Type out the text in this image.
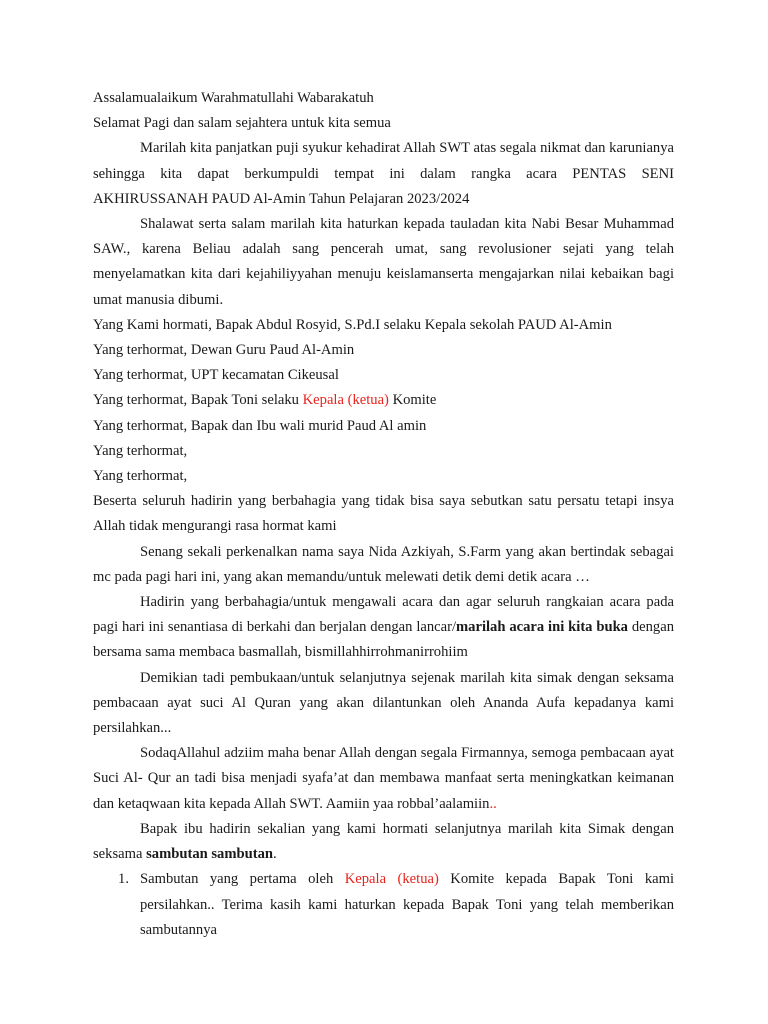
Assalamualaikum Warahmatullahi Wabarakatuh

Selamat Pagi dan salam sejahtera untuk kita semua

Marilah kita panjatkan puji syukur kehadirat Allah SWT atas segala nikmat dan karunianya sehingga kita dapat berkumpuldi tempat ini dalam rangka acara PENTAS SENI AKHIRUSSANAH PAUD Al-Amin Tahun Pelajaran 2023/2024

Shalawat serta salam marilah kita haturkan kepada tauladan kita Nabi Besar Muhammad SAW., karena Beliau adalah sang pencerah umat, sang revolusioner sejati yang telah menyelamatkan kita dari kejahiliyyahan menuju keislamanserta mengajarkan nilai kebaikan bagi umat manusia dibumi.

Yang Kami hormati, Bapak Abdul Rosyid, S.Pd.I selaku Kepala sekolah PAUD Al-Amin

Yang terhormat, Dewan Guru Paud Al-Amin

Yang terhormat, UPT kecamatan Cikeusal

Yang terhormat, Bapak Toni selaku Kepala (ketua) Komite

Yang terhormat, Bapak dan Ibu wali murid Paud Al amin

Yang terhormat,

Yang terhormat,

Beserta seluruh hadirin yang berbahagia yang tidak bisa saya sebutkan satu persatu tetapi insya Allah tidak mengurangi rasa hormat kami

Senang sekali perkenalkan nama saya Nida Azkiyah, S.Farm yang akan bertindak sebagai mc pada pagi hari ini, yang akan memandu/untuk melewati detik demi detik acara …

Hadirin yang berbahagia/untuk mengawali acara dan agar seluruh rangkaian acara pada pagi hari ini senantiasa di berkahi dan berjalan dengan lancar/marilah acara ini kita buka dengan bersama sama membaca basmallah, bismillahhirrohmanirrohiim

Demikian tadi pembukaan/untuk selanjutnya sejenak marilah kita simak dengan seksama pembacaan ayat suci Al Quran yang akan dilantunkan oleh Ananda Aufa kepadanya kami persilahkan...

SodaqAllahul adziim maha benar Allah dengan segala Firmannya, semoga pembacaan ayat Suci Al- Qur an tadi bisa menjadi syafa’at dan membawa manfaat serta meningkatkan keimanan dan ketaqwaan kita kepada Allah SWT. Aamiin yaa robbal’aalamiin..

Bapak ibu hadirin sekalian yang kami hormati selanjutnya marilah kita Simak dengan seksama sambutan sambutan.

1. Sambutan yang pertama oleh Kepala (ketua) Komite kepada Bapak Toni kami persilahkan.. Terima kasih kami haturkan kepada Bapak Toni yang telah memberikan sambutannya
